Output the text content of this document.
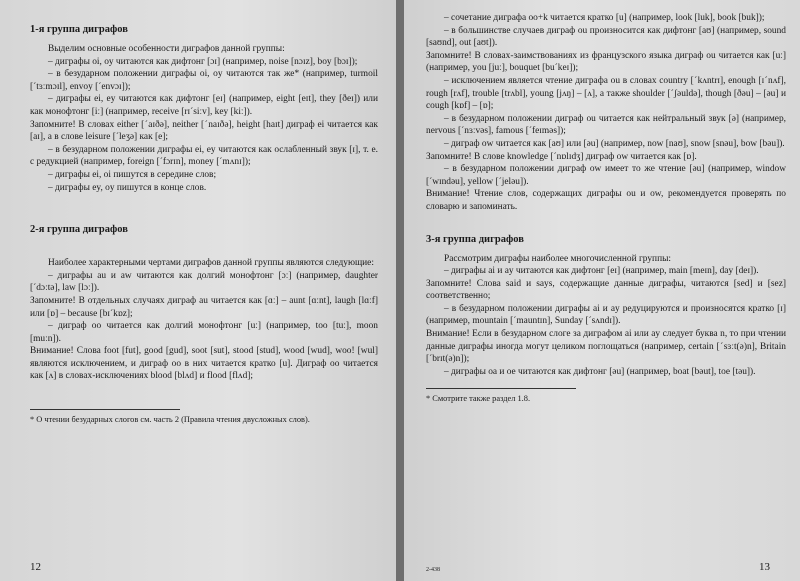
1-я группа диграфов

Выделим основные особенности диграфов данной группы:

– диграфы oi, oy читаются как дифтонг [ɔɪ] (например, noise [nɔɪz], boy [bɔɪ]);

– в безударном положении диграфы oi, oy читаются так же* (например, turmoil [ˊtɜːmɔɪl], envoy [ˊenvɔɪ]);

– диграфы ei, ey читаются как дифтонг [eɪ] (например, eight [eɪt], they [ðeɪ]) или как монофтонг [iː] (например, receive [rɪˊsiːv], key [kiː]).

Запомните! В словах either [ˊaɪðə], neither [ˊnaɪðə], height [haɪt] диграф ei читается как [aɪ], а в слове leisure [ˊleʒə] как [e];

– в безударном положении диграфы ei, ey читаются как ослабленный звук [ɪ], т. е. с редукцией (например, foreign [ˊfɔrɪn], money [ˊmʌnɪ]);

– диграфы ei, oi пишутся в середине слов;

– диграфы ey, oy пишутся в конце слов.

2-я группа диграфов

Наиболее характерными чертами диграфов данной группы являются следующие:

– диграфы au и aw читаются как долгий монофтонг [ɔː] (например, daughter [ˊdɔːtə], law [lɔː]).

Запомните! В отдельных случаях диграф au читается как [ɑː] – aunt [ɑːnt], laugh [lɑːf] или [ɒ] – because [bɪˊkɒz];

– диграф oo читается как долгий монофтонг [uː] (например, too [tuː], moon [muːn]).

Внимание! Слова foot [fut], good [gud], soot [sut], stood [stud], wood [wud], woo! [wul] являются исключением, и диграф oo в них читается кратко [u]. Диграф oo читается как [ʌ] в словах-исключениях blood [blʌd] и flood [flʌd];

* О чтении безударных слогов см. часть 2 (Правила чтения двусложных слов).

12

– сочетание диграфа oo+k читается кратко [u] (например, look [luk], book [buk]);

– в большинстве случаев диграф ou произносится как дифтонг [aʊ] (например, sound [saʊnd], out [aʊt]).

Запомните! В словах-заимствованиях из французского языка диграф ou читается как [uː] (например, you [juː], bouquet [buˊkeɪ]);

– исключением является чтение диграфа ou в словах country [ˊkʌntrɪ], enough [ɪˊnʌf], rough [rʌf], trouble [trʌbl], young [jʌŋ] – [ʌ], а также shoulder [ˊʃəuldə], though [ðəu] – [əu] и cough [kɒf] – [ɒ];

– в безударном положении диграф ou читается как нейтральный звук [ə] (например, nervous [ˊnɜːvəs], famous [ˊfeɪməs]);

– диграф ow читается как [aʊ] или [əu] (например, now [naʊ], snow [snəu], bow [bəu]).

Запомните! В слове knowledge [ˊnɒlɪdʒ] диграф ow читается как [ɒ].

– в безударном положении диграф ow имеет то же чтение [əu] (например, window [ˊwɪndəu], yellow [ˊjeləu]).

Внимание! Чтение слов, содержащих диграфы ou и ow, рекомендуется проверять по словарю и запоминать.

3-я группа диграфов

Рассмотрим диграфы наиболее многочисленной группы:

– диграфы ai и ay читаются как дифтонг [eɪ] (например, main [meɪn], day [deɪ]).

Запомните! Слова said и says, содержащие данные диграфы, читаются [sed] и [sez] соответственно;

– в безударном положении диграфы ai и ay редуцируются и произносятся кратко [ɪ] (например, mountain [ˊmauntɪn], Sunday [ˊsʌndɪ]).

Внимание! Если в безударном слоге за диграфом ai или ay следует буква n, то при чтении данные диграфы иногда могут целиком поглощаться (например, certain [ˊsɜːt(ə)n], Britain [ˊbrɪt(ə)n]);

– диграфы oa и oe читаются как дифтонг [əu] (например, boat [bəut], toe [təu]).

* Смотрите также раздел 1.8.

2-438	13
